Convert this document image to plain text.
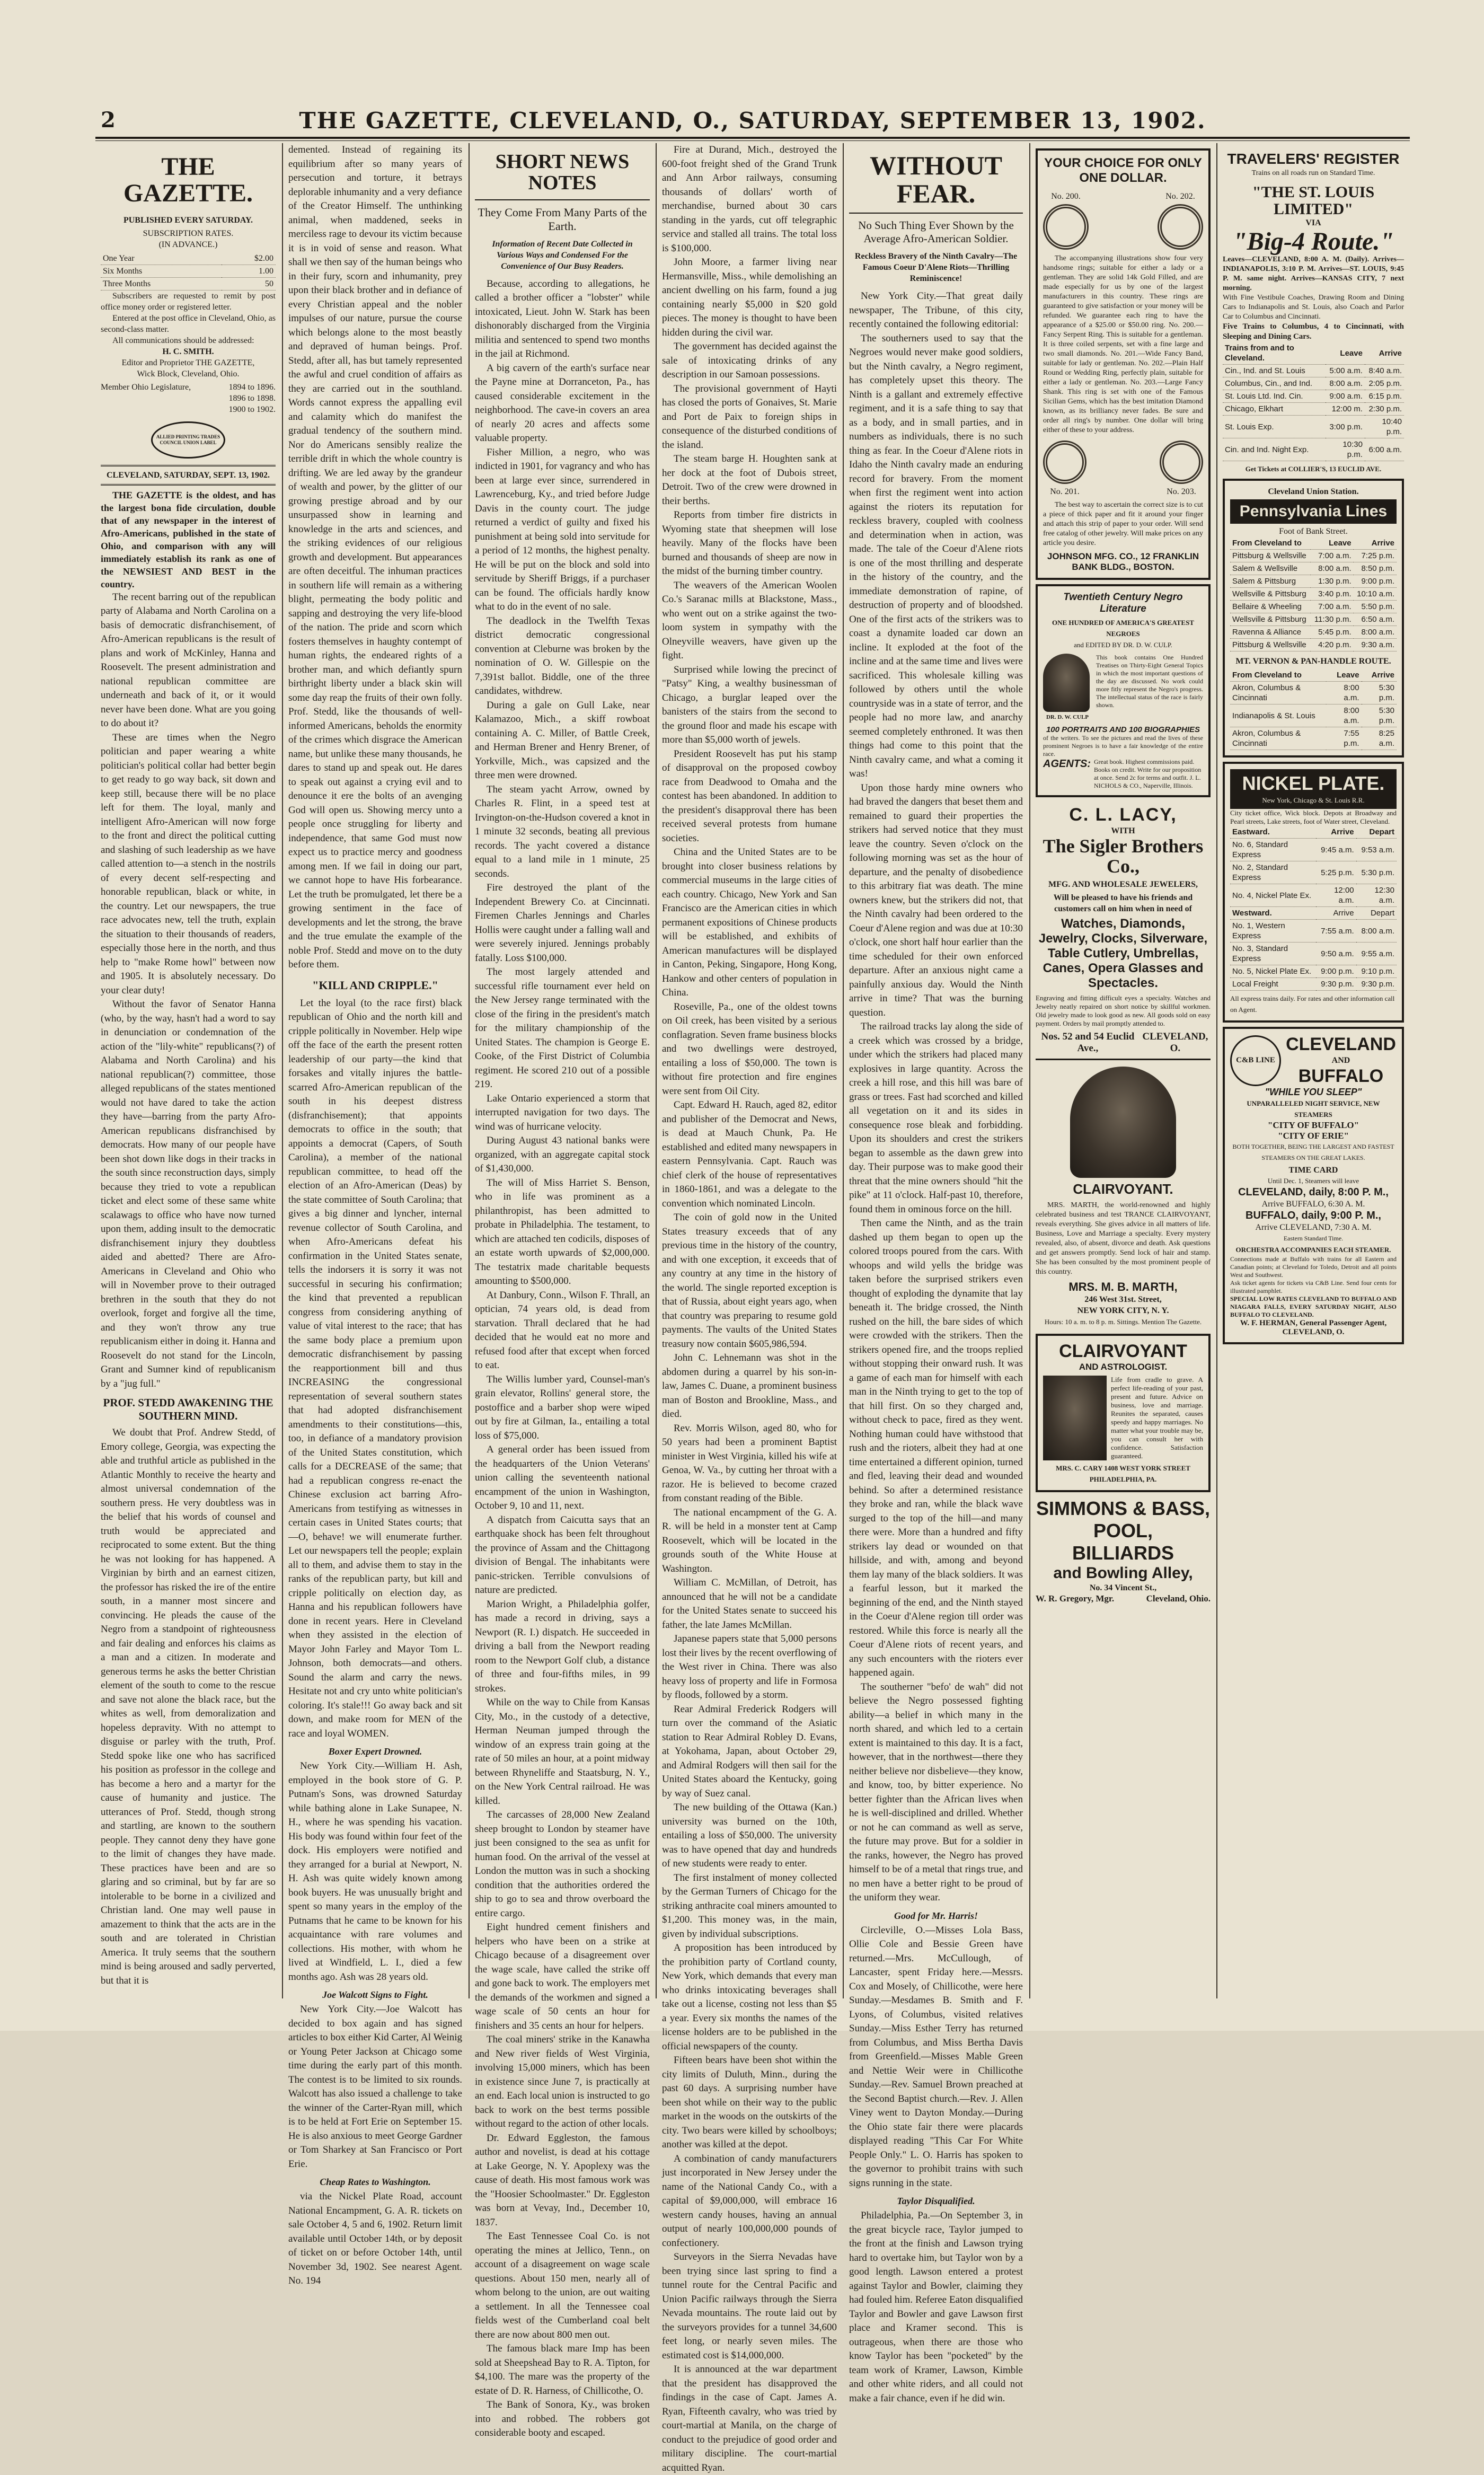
2	THE GAZETTE, CLEVELAND, O., SATURDAY, SEPTEMBER 13, 1902.
THE GAZETTE.
PUBLISHED EVERY SATURDAY.
SUBSCRIPTION RATES.
(IN ADVANCE.)
One Year	$2.00
Six Months	1.00
Three Months	50

Subscribers are requested to remit by post office money order or registered letter.

Entered at the post office in Cleveland, Ohio, as second-class matter.

All communications should be addressed:

H. C. SMITH.
Editor and Proprietor THE GAZETTE,
Wick Block, Cleveland, Ohio.
Member Ohio Legislature,	1894 to 1896.
1896 to 1898.
1900 to 1902.
ALLIED PRINTING TRADES COUNCIL UNION LABEL
CLEVELAND, SATURDAY, SEPT. 13, 1902.

THE GAZETTE is the oldest, and has the largest bona fide circulation, double that of any newspaper in the interest of Afro-Americans, published in the state of Ohio, and comparison with any will immediately establish its rank as one of the NEWSIEST AND BEST in the country.

The recent barring out of the republican party of Alabama and North Carolina on a basis of democratic disfranchisement, of Afro-American republicans is the result of plans and work of McKinley, Hanna and Roosevelt. The present administration and national republican committee are underneath and back of it, or it would never have been done. What are you going to do about it?

These are times when the Negro politician and paper wearing a white politician's political collar had better begin to get ready to go way back, sit down and keep still, because there will be no place left for them. The loyal, manly and intelligent Afro-American will now forge to the front and direct the political cutting and slashing of such leadership as we have called attention to—a stench in the nostrils of every decent self-respecting and honorable republican, black or white, in the country. Let our newspapers, the true race advocates new, tell the truth, explain the situation to their thousands of readers, especially those here in the north, and thus help to "make Rome howl" between now and 1905. It is absolutely necessary. Do your clear duty!

Without the favor of Senator Hanna (who, by the way, hasn't had a word to say in denunciation or condemnation of the action of the "lily-white" republicans(?) of Alabama and North Carolina) and his national republican(?) committee, those alleged republicans of the states mentioned would not have dared to take the action they have—barring from the party Afro-American republicans disfranchised by democrats. How many of our people have been shot down like dogs in their tracks in the south since reconstruction days, simply because they tried to vote a republican ticket and elect some of these same white scalawags to office who have now turned upon them, adding insult to the democratic disfranchisement injury they doubtless aided and abetted? There are Afro-Americans in Cleveland and Ohio who will in November prove to their outraged brethren in the south that they do not overlook, forget and forgive all the time, and they won't throw any true republicanism either in doing it. Hanna and Roosevelt do not stand for the Lincoln, Grant and Sumner kind of republicanism by a "jug full."

PROF. STEDD AWAKENING THE SOUTHERN MIND.

We doubt that Prof. Andrew Stedd, of Emory college, Georgia, was expecting the able and truthful article as published in the Atlantic Monthly to receive the hearty and almost universal condemnation of the southern press. He very doubtless was in the belief that his words of counsel and truth would be appreciated and reciprocated to some extent. But the thing he was not looking for has happened. A Virginian by birth and an earnest citizen, the professor has risked the ire of the entire south, in a manner most sincere and convincing. He pleads the cause of the Negro from a standpoint of righteousness and fair dealing and enforces his claims as a man and a citizen. In moderate and generous terms he asks the better Christian element of the south to come to the rescue and save not alone the black race, but the whites as well, from demoralization and hopeless depravity. With no attempt to disguise or parley with the truth, Prof. Stedd spoke like one who has sacrificed his position as professor in the college and has become a hero and a martyr for the cause of humanity and justice. The utterances of Prof. Stedd, though strong and startling, are known to the southern people. They cannot deny they have gone to the limit of changes they have made. These practices have been and are so glaring and so criminal, but by far are so intolerable to be borne in a civilized and Christian land. One may well pause in amazement to think that the acts are in the south and are tolerated in Christian America. It truly seems that the southern mind is being aroused and sadly perverted, but that it is

demented. Instead of regaining its equilibrium after so many years of persecution and torture, it betrays deplorable inhumanity and a very defiance of the Creator Himself. The unthinking animal, when maddened, seeks in merciless rage to devour its victim because it is in void of sense and reason. What shall we then say of the human beings who in their fury, scorn and inhumanity, prey upon their black brother and in defiance of every Christian appeal and the nobler impulses of our nature, pursue the course which belongs alone to the most beastly and depraved of human beings. Prof. Stedd, after all, has but tamely represented the awful and cruel condition of affairs as they are carried out in the southland. Words cannot express the appalling evil and calamity which do manifest the gradual tendency of the southern mind. Nor do Americans sensibly realize the terrible drift in which the whole country is drifting. We are led away by the grandeur of wealth and power, by the glitter of our growing prestige abroad and by our unsurpassed show in learning and knowledge in the arts and sciences, and the striking evidences of our religious growth and development. But appearances are often deceitful. The inhuman practices in southern life will remain as a withering blight, permeating the body politic and sapping and destroying the very life-blood of the nation. The pride and scorn which fosters themselves in haughty contempt of human rights, the endeared rights of a brother man, and which defiantly spurn birthright liberty under a black skin will some day reap the fruits of their own folly. Prof. Stedd, like the thousands of well-informed Americans, beholds the enormity of the crimes which disgrace the American name, but unlike these many thousands, he dares to stand up and speak out. He dares to speak out against a crying evil and to denounce it ere the bolts of an avenging God will open us. Showing mercy unto a people once struggling for liberty and independence, that same God must now expect us to practice mercy and goodness among men. If we fail in doing our part, we cannot hope to have His forbearance. Let the truth be promulgated, let there be a growing sentiment in the face of developments and let the strong, the brave and the true emulate the example of the noble Prof. Stedd and move on to the duty before them.

"KILL AND CRIPPLE."

Let the loyal (to the race first) black republican of Ohio and the north kill and cripple politically in November. Help wipe off the face of the earth the present rotten leadership of our party—the kind that forsakes and vitally injures the battle-scarred Afro-American republican of the south in his deepest distress (disfranchisement); that appoints democrats to office in the south; that appoints a democrat (Capers, of South Carolina), a member of the national republican committee, to head off the election of an Afro-American (Deas) by the state committee of South Carolina; that gives a big dinner and lyncher, internal revenue collector of South Carolina, and when Afro-Americans defeat his confirmation in the United States senate, tells the indorsers it is sorry it was not successful in securing his confirmation; the kind that prevented a republican congress from considering anything of value of vital interest to the race; that has the same body place a premium upon democratic disfranchisement by passing the reapportionment bill and thus INCREASING the congressional representation of several southern states that had adopted disfranchisement amendments to their constitutions—this, too, in defiance of a mandatory provision of the United States constitution, which calls for a DECREASE of the same; that had a republican congress re-enact the Chinese exclusion act barring Afro-Americans from testifying as witnesses in certain cases in United States courts; that—O, behave! we will enumerate further. Let our newspapers tell the people; explain all to them, and advise them to stay in the ranks of the republican party, but kill and cripple politically on election day, as Hanna and his republican followers have done in recent years. Here in Cleveland when they assisted in the election of Mayor John Farley and Mayor Tom L. Johnson, both democrats—and others. Sound the alarm and carry the news. Hesitate not and cry unto white politician's coloring. It's stale!!! Go away back and sit down, and make room for MEN of the race and loyal WOMEN.

Boxer Expert Drowned.

New York City.—William H. Ash, employed in the book store of G. P. Putnam's Sons, was drowned Saturday while bathing alone in Lake Sunapee, N. H., where he was spending his vacation. His body was found within four feet of the dock. His employers were notified and they arranged for a burial at Newport, N. H. Ash was quite widely known among book buyers. He was unusually bright and spent so many years in the employ of the Putnams that he came to be known for his acquaintance with rare volumes and collections. His mother, with whom he lived at Windfield, L. I., died a few months ago. Ash was 28 years old.

Joe Walcott Signs to Fight.

New York City.—Joe Walcott has decided to box again and has signed articles to box either Kid Carter, Al Weinig or Young Peter Jackson at Chicago some time during the early part of this month. The contest is to be limited to six rounds. Walcott has also issued a challenge to take the winner of the Carter-Ryan mill, which is to be held at Fort Erie on September 15. He is also anxious to meet George Gardner or Tom Sharkey at San Francisco or Port Erie.

Cheap Rates to Washington.

via the Nickel Plate Road, account National Encampment, G. A. R. tickets on sale October 4, 5 and 6, 1902. Return limit available until October 14th, or by deposit of ticket on or before October 14th, until November 3d, 1902. See nearest Agent. No. 194

SHORT NEWS NOTES
They Come From Many Parts of the Earth.
Information of Recent Date Collected in Various Ways and Condensed For the Convenience of Our Busy Readers.

Because, according to allegations, he called a brother officer a "lobster" while intoxicated, Lieut. John W. Stark has been dishonorably discharged from the Virginia militia and sentenced to spend two months in the jail at Richmond.

A big cavern of the earth's surface near the Payne mine at Dorranceton, Pa., has caused considerable excitement in the neighborhood. The cave-in covers an area of nearly 20 acres and affects some valuable property.

Fisher Million, a negro, who was indicted in 1901, for vagrancy and who has been at large ever since, surrendered in Lawrenceburg, Ky., and tried before Judge Davis in the county court. The judge returned a verdict of guilty and fixed his punishment at being sold into servitude for a period of 12 months, the highest penalty. He will be put on the block and sold into servitude by Sheriff Briggs, if a purchaser can be found. The officials hardly know what to do in the event of no sale.

The deadlock in the Twelfth Texas district democratic congressional convention at Cleburne was broken by the nomination of O. W. Gillespie on the 7,391st ballot. Biddle, one of the three candidates, withdrew.

During a gale on Gull Lake, near Kalamazoo, Mich., a skiff rowboat containing A. C. Miller, of Battle Creek, and Herman Brener and Henry Brener, of Yorkville, Mich., was capsized and the three men were drowned.

The steam yacht Arrow, owned by Charles R. Flint, in a speed test at Irvington-on-the-Hudson covered a knot in 1 minute 32 seconds, beating all previous records. The yacht covered a distance equal to a land mile in 1 minute, 25 seconds.

Fire destroyed the plant of the Independent Brewery Co. at Cincinnati. Firemen Charles Jennings and Charles Hollis were caught under a falling wall and were severely injured. Jennings probably fatally. Loss $100,000.

The most largely attended and successful rifle tournament ever held on the New Jersey range terminated with the close of the firing in the president's match for the military championship of the United States. The champion is George E. Cooke, of the First District of Columbia regiment. He scored 210 out of a possible 219.

Lake Ontario experienced a storm that interrupted navigation for two days. The wind was of hurricane velocity.

During August 43 national banks were organized, with an aggregate capital stock of $1,430,000.

The will of Miss Harriet S. Benson, who in life was prominent as a philanthropist, has been admitted to probate in Philadelphia. The testament, to which are attached ten codicils, disposes of an estate worth upwards of $2,000,000. The testatrix made charitable bequests amounting to $500,000.

At Danbury, Conn., Wilson F. Thrall, an optician, 74 years old, is dead from starvation. Thrall declared that he had decided that he would eat no more and refused food after that except when forced to eat.

The Willis lumber yard, Counsel-man's grain elevator, Rollins' general store, the postoffice and a barber shop were wiped out by fire at Gilman, Ia., entailing a total loss of $75,000.

A general order has been issued from the headquarters of the Union Veterans' union calling the seventeenth national encampment of the union in Washington, October 9, 10 and 11, next.

A dispatch from Caicutta says that an earthquake shock has been felt throughout the province of Assam and the Chittagong division of Bengal. The inhabitants were panic-stricken. Terrible convulsions of nature are predicted.

Marion Wright, a Philadelphia golfer, has made a record in driving, says a Newport (R. I.) dispatch. He succeeded in driving a ball from the Newport reading room to the Newport Golf club, a distance of three and four-fifths miles, in 99 strokes.

While on the way to Chile from Kansas City, Mo., in the custody of a detective, Herman Neuman jumped through the window of an express train going at the rate of 50 miles an hour, at a point midway between Rhyneliffe and Staatsburg, N. Y., on the New York Central railroad. He was killed.

The carcasses of 28,000 New Zealand sheep brought to London by steamer have just been consigned to the sea as unfit for human food. On the arrival of the vessel at London the mutton was in such a shocking condition that the authorities ordered the ship to go to sea and throw overboard the entire cargo.

Eight hundred cement finishers and helpers who have been on a strike at Chicago because of a disagreement over the wage scale, have called the strike off and gone back to work. The employers met the demands of the workmen and signed a wage scale of 50 cents an hour for finishers and 35 cents an hour for helpers.

The coal miners' strike in the Kanawha and New river fields of West Virginia, involving 15,000 miners, which has been in existence since June 7, is practically at an end. Each local union is instructed to go back to work on the best terms possible without regard to the action of other locals.

Dr. Edward Eggleston, the famous author and novelist, is dead at his cottage at Lake George, N. Y. Apoplexy was the cause of death. His most famous work was the "Hoosier Schoolmaster." Dr. Eggleston was born at Vevay, Ind., December 10, 1837.

The East Tennessee Coal Co. is not operating the mines at Jellico, Tenn., on account of a disagreement on wage scale questions. About 150 men, nearly all of whom belong to the union, are out waiting a settlement. In all the Tennessee coal fields west of the Cumberland coal belt there are now about 800 men out.

The famous black mare Imp has been sold at Sheepshead Bay to R. A. Tipton, for $4,100. The mare was the property of the estate of D. R. Harness, of Chillicothe, O.

The Bank of Sonora, Ky., was broken into and robbed. The robbers got considerable booty and escaped.

Fire at Durand, Mich., destroyed the 600-foot freight shed of the Grand Trunk and Ann Arbor railways, consuming thousands of dollars' worth of merchandise, burned about 30 cars standing in the yards, cut off telegraphic service and stalled all trains. The total loss is $100,000.

John Moore, a farmer living near Hermansville, Miss., while demolishing an ancient dwelling on his farm, found a jug containing nearly $5,000 in $20 gold pieces. The money is thought to have been hidden during the civil war.

The government has decided against the sale of intoxicating drinks of any description in our Samoan possessions.

The provisional government of Hayti has closed the ports of Gonaives, St. Marie and Port de Paix to foreign ships in consequence of the disturbed conditions of the island.

The steam barge H. Houghten sank at her dock at the foot of Dubois street, Detroit. Two of the crew were drowned in their berths.

Reports from timber fire districts in Wyoming state that sheepmen will lose heavily. Many of the flocks have been burned and thousands of sheep are now in the midst of the burning timber country.

The weavers of the American Woolen Co.'s Saranac mills at Blackstone, Mass., who went out on a strike against the two-loom system in sympathy with the Olneyville weavers, have given up the fight.

Surprised while lowing the precinct of "Patsy" King, a wealthy businessman of Chicago, a burglar leaped over the banisters of the stairs from the second to the ground floor and made his escape with more than $5,000 worth of jewels.

President Roosevelt has put his stamp of disapproval on the proposed cowboy race from Deadwood to Omaha and the contest has been abandoned. In addition to the president's disapproval there has been received several protests from humane societies.

China and the United States are to be brought into closer business relations by commercial museums in the large cities of each country. Chicago, New York and San Francisco are the American cities in which permanent expositions of Chinese products will be established, and exhibits of American manufactures will be displayed in Canton, Peking, Singapore, Hong Kong, Hankow and other centers of population in China.

Roseville, Pa., one of the oldest towns on Oil creek, has been visited by a serious conflagration. Seven frame business blocks and two dwellings were destroyed, entailing a loss of $50,000. The town is without fire protection and fire engines were sent from Oil City.

Capt. Edward H. Rauch, aged 82, editor and publisher of the Democrat and News, is dead at Mauch Chunk, Pa. He established and edited many newspapers in eastern Pennsylvania. Capt. Rauch was chief clerk of the house of representatives in 1860-1861, and was a delegate to the convention which nominated Lincoln.

The coin of gold now in the United States treasury exceeds that of any previous time in the history of the country, and with one exception, it exceeds that of any country at any time in the history of the world. The single reported exception is that of Russia, about eight years ago, when that country was preparing to resume gold payments. The vaults of the United States treasury now contain $605,986,594.

John C. Lehnemann was shot in the abdomen during a quarrel by his son-in-law, James C. Duane, a prominent business man of Boston and Brookline, Mass., and died.

Rev. Morris Wilson, aged 80, who for 50 years had been a prominent Baptist minister in West Virginia, killed his wife at Genoa, W. Va., by cutting her throat with a razor. He is believed to become crazed from constant reading of the Bible.

The national encampment of the G. A. R. will be held in a monster tent at Camp Roosevelt, which will be located in the grounds south of the White House at Washington.

William C. McMillan, of Detroit, has announced that he will not be a candidate for the United States senate to succeed his father, the late James McMillan.

Japanese papers state that 5,000 persons lost their lives by the recent overflowing of the West river in China. There was also heavy loss of property and life in Formosa by floods, followed by a storm.

Rear Admiral Frederick Rodgers will turn over the command of the Asiatic station to Rear Admiral Robley D. Evans, at Yokohama, Japan, about October 29, and Admiral Rodgers will then sail for the United States aboard the Kentucky, going by way of Suez canal.

The new building of the Ottawa (Kan.) university was burned on the 10th, entailing a loss of $50,000. The university was to have opened that day and hundreds of new students were ready to enter.

The first instalment of money collected by the German Turners of Chicago for the striking anthracite coal miners amounted to $1,200. This money was, in the main, given by individual subscriptions.

A proposition has been introduced by the prohibition party of Cortland county, New York, which demands that every man who drinks intoxicating beverages shall take out a license, costing not less than $5 a year. Every six months the names of the license holders are to be published in the official newspapers of the county.

Fifteen bears have been shot within the city limits of Duluth, Minn., during the past 60 days. A surprising number have been shot while on their way to the public market in the woods on the outskirts of the city. Two bears were killed by schoolboys; another was killed at the depot.

A combination of candy manufacturers just incorporated in New Jersey under the name of the National Candy Co., with a capital of $9,000,000, will embrace 16 western candy houses, having an annual output of nearly 100,000,000 pounds of confectionery.

Surveyors in the Sierra Nevadas have been trying since last spring to find a tunnel route for the Central Pacific and Union Pacific railways through the Sierra Nevada mountains. The route laid out by the surveyors provides for a tunnel 34,600 feet long, or nearly seven miles. The estimated cost is $14,000,000.

It is announced at the war department that the president has disapproved the findings in the case of Capt. James A. Ryan, Fifteenth cavalry, who was tried by court-martial at Manila, on the charge of conduct to the prejudice of good order and military discipline. The court-martial acquitted Ryan.

WITHOUT FEAR.
No Such Thing Ever Shown by the Average Afro-American Soldier.
Reckless Bravery of the Ninth Cavalry—The Famous Coeur D'Alene Riots—Thrilling Reminiscence!

New York City.—That great daily newspaper, The Tribune, of this city, recently contained the following editorial:

The southerners used to say that the Negroes would never make good soldiers, but the Ninth cavalry, a Negro regiment, has completely upset this theory. The Ninth is a gallant and extremely effective regiment, and it is a safe thing to say that as a body, and in small parties, and in numbers as individuals, there is no such thing as fear. In the Coeur d'Alene riots in Idaho the Ninth cavalry made an enduring record for bravery. From the moment when first the regiment went into action against the rioters its reputation for reckless bravery, coupled with coolness and determination when in action, was made. The tale of the Coeur d'Alene riots is one of the most thrilling and desperate in the history of the country, and the immediate demonstration of rapine, of destruction of property and of bloodshed. One of the first acts of the strikers was to coast a dynamite loaded car down an incline. It exploded at the foot of the incline and at the same time and lives were sacrificed. This wholesale killing was followed by others until the whole countryside was in a state of terror, and the people had no more law, and anarchy seemed completely enthroned. It was then things had come to this point that the Ninth cavalry came, and what a coming it was!

Upon those hardy mine owners who had braved the dangers that beset them and remained to guard their properties the strikers had served notice that they must leave the country. Seven o'clock on the following morning was set as the hour of departure, and the penalty of disobedience to this arbitrary fiat was death. The mine owners knew, but the strikers did not, that the Ninth cavalry had been ordered to the Coeur d'Alene region and was due at 10:30 o'clock, one short half hour earlier than the time scheduled for their own enforced departure. After an anxious night came a painfully anxious day. Would the Ninth arrive in time? That was the burning question.

The railroad tracks lay along the side of a creek which was crossed by a bridge, under which the strikers had placed many explosives in large quantity. Across the creek a hill rose, and this hill was bare of grass or trees. Fast had scorched and killed all vegetation on it and its sides in consequence rose bleak and forbidding. Upon its shoulders and crest the strikers began to assemble as the dawn grew into day. Their purpose was to make good their threat that the mine owners should "hit the pike" at 11 o'clock. Half-past 10, therefore, found them in ominous force on the hill.

Then came the Ninth, and as the train dashed up them began to open up the colored troops poured from the cars. With whoops and wild yells the bridge was taken before the surprised strikers even thought of exploding the dynamite that lay beneath it. The bridge crossed, the Ninth rushed on the hill, the bare sides of which were crowded with the strikers. Then the strikers opened fire, and the troops replied without stopping their onward rush. It was a game of each man for himself with each man in the Ninth trying to get to the top of that hill first. On so they charged and, without check to pace, fired as they went. Nothing human could have withstood that rush and the rioters, albeit they had at one time entertained a different opinion, turned and fled, leaving their dead and wounded behind. So after a determined resistance they broke and ran, while the black wave surged to the top of the hill—and many there were. More than a hundred and fifty strikers lay dead or wounded on that hillside, and with, among and beyond them lay many of the black soldiers. It was a fearful lesson, but it marked the beginning of the end, and the Ninth stayed in the Coeur d'Alene region till order was restored. While this force is nearly all the Coeur d'Alene riots of recent years, and any such encounters with the rioters ever happened again.

The southerner "befo' de wah" did not believe the Negro possessed fighting ability—a belief in which many in the north shared, and which led to a certain extent is maintained to this day. It is a fact, however, that in the northwest—there they neither believe nor disbelieve—they know, and know, too, by bitter experience. No better fighter than the African lives when he is well-disciplined and drilled. Whether or not he can command as well as serve, the future may prove. But for a soldier in the ranks, however, the Negro has proved himself to be of a metal that rings true, and no men have a better right to be proud of the uniform they wear.

Good for Mr. Harris!

Circleville, O.—Misses Lola Bass, Ollie Cole and Bessie Green have returned.—Mrs. McCullough, of Lancaster, spent Friday here.—Messrs. Cox and Mosely, of Chillicothe, were here Sunday.—Mesdames B. Smith and F. Lyons, of Columbus, visited relatives Sunday.—Miss Esther Terry has returned from Columbus, and Miss Bertha Davis from Greenfield.—Misses Mable Green and Nettie Weir were in Chillicothe Sunday.—Rev. Samuel Brown preached at the Second Baptist church.—Rev. J. Allen Viney went to Dayton Monday.—During the Ohio state fair there were placards displayed reading "This Car For White People Only." L. O. Harris has spoken to the governor to prohibit trains with such signs running in the state.

Taylor Disqualified.

Philadelphia, Pa.—On September 3, in the great bicycle race, Taylor jumped to the front at the finish and Lawson trying hard to overtake him, but Taylor won by a good length. Lawson entered a protest against Taylor and Bowler, claiming they had fouled him. Referee Eaton disqualified Taylor and Bowler and gave Lawson first place and Kramer second. This is outrageous, when there are those who know Taylor has been "pocketed" by the team work of Kramer, Lawson, Kimble and other white riders, and all could not make a fair chance, even if he did win.

YOUR CHOICE FOR ONLY ONE DOLLAR.
No. 200.	No. 202.

The accompanying illustrations show four very handsome rings; suitable for either a lady or a gentleman. They are solid 14k Gold Filled, and are made especially for us by one of the largest manufacturers in this country. These rings are guaranteed to give satisfaction or your money will be refunded. We guarantee each ring to have the appearance of a $25.00 or $50.00 ring. No. 200.—Fancy Serpent Ring. This is suitable for a gentleman. It is three coiled serpents, set with a fine large and two small diamonds. No. 201.—Wide Fancy Band, suitable for lady or gentleman. No. 202.—Plain Half Round or Wedding Ring, perfectly plain, suitable for either a lady or gentleman. No. 203.—Large Fancy Shank. This ring is set with one of the Famous Sicilian Gems, which has the best imitation Diamond known, as its brilliancy never fades. Be sure and order all ring's by number. One dollar will bring either of these to your address.

No. 201.	No. 203.

The best way to ascertain the correct size is to cut a piece of thick paper and fit it around your finger and attach this strip of paper to your order. Will send free catalog of other jewelry. Will make prices on any article you desire.

JOHNSON MFG. CO., 12 FRANKLIN BANK BLDG., BOSTON.
Twentieth Century Negro Literature
ONE HUNDRED OF AMERICA'S GREATEST NEGROES
and EDITED BY DR. D. W. CULP.
DR. D. W. CULP

This book contains One Hundred Treatises on Thirty-Eight General Topics in which the most important questions of the day are discussed. No work could more fitly represent the Negro's progress. The intellectual status of the race is fairly shown.

100 PORTRAITS AND 100 BIOGRAPHIES

of the writers. To see the pictures and read the lives of these prominent Negroes is to have a fair knowledge of the entire race.

AGENTS: Great book. Highest commissions paid. Books on credit. Write for our proposition at once. Send 2c for terms and outfit. J. L. NICHOLS & CO., Naperville, Illinois.
C. L. LACY,
WITH
The Sigler Brothers Co.,
MFG. AND WHOLESALE JEWELERS,
Will be pleased to have his friends and customers call on him when in need of
Watches, Diamonds, Jewelry, Clocks, Silverware, Table Cutlery, Umbrellas, Canes, Opera Glasses and Spectacles.

Engraving and fitting difficult eyes a specialty. Watches and Jewelry neatly repaired on short notice by skillful workmen. Old jewelry made to look good as new. All goods sold on easy payment. Orders by mail promptly attended to.

Nos. 52 and 54 Euclid Ave.,
CLEVELAND, O.
CLAIRVOYANT.

MRS. MARTH, the world-renowned and highly celebrated business and test TRANCE CLAIRVOYANT, reveals everything. She gives advice in all matters of life. Business, Love and Marriage a specialty. Every mystery revealed, also, of absent, divorce and death. Ask questions and get answers promptly. Send lock of hair and stamp. She has been consulted by the most prominent people of this country.

MRS. M. B. MARTH,
246 West 31st. Street,
NEW YORK CITY, N. Y.
Hours: 10 a. m. to 8 p. m. Sittings. Mention The Gazette.
CLAIRVOYANT
AND ASTROLOGIST.

Life from cradle to grave. A perfect life-reading of your past, present and future. Advice on business, love and marriage. Reunites the separated, causes speedy and happy marriages. No matter what your trouble may be, you can consult her with confidence. Satisfaction guaranteed.

MRS. C. CARY 1408 WEST YORK STREET PHILADELPHIA, PA.
SIMMONS & BASS,
POOL,
BILLIARDS
and Bowling Alley,
No. 34 Vincent St.,
W. R. Gregory, Mgr.	Cleveland, Ohio.
TRAVELERS' REGISTER
Trains on all roads run on Standard Time.
"THE ST. LOUIS LIMITED"
VIA
"Big-4 Route."

Leaves—CLEVELAND, 8:00 A. M. (Daily). Arrives—INDIANAPOLIS, 3:10 P. M. Arrives—ST. LOUIS, 9:45 P. M. same night. Arrives—KANSAS CITY, 7 next morning.

With Fine Vestibule Coaches, Drawing Room and Dining Cars to Indianapolis and St. Louis, also Coach and Parlor Car to Columbus and Cincinnati.

Five Trains to Columbus, 4 to Cincinnati, with Sleeping and Dining Cars.

Trains from and to Cleveland.	Leave	Arrive
Cin., Ind. and St. Louis	5:00 a.m.	8:40 a.m.
Columbus, Cin., and Ind.	8:00 a.m.	2:05 p.m.
St. Louis Ltd. Ind. Cin.	9:00 a.m.	6:15 p.m.
Chicago, Elkhart	12:00 m.	2:30 p.m.
St. Louis Exp.	3:00 p.m.	10:40 p.m.
Cin. and Ind. Night Exp.	10:30 p.m.	6:00 a.m.
Get Tickets at COLLIER'S, 13 EUCLID AVE.
Cleveland Union Station.
Pennsylvania Lines
Foot of Bank Street.
From Cleveland to	Leave	Arrive
Pittsburg & Wellsville	7:00 a.m.	7:25 p.m.
Salem & Wellsville	8:00 a.m.	8:50 p.m.
Salem & Pittsburg	1:30 p.m.	9:00 p.m.
Wellsville & Pittsburg	3:40 p.m.	10:10 a.m.
Bellaire & Wheeling	7:00 a.m.	5:50 p.m.
Wellsville & Pittsburg	11:30 p.m.	6:50 a.m.
Ravenna & Alliance	5:45 p.m.	8:00 a.m.
Pittsburg & Wellsville	4:20 p.m.	9:30 a.m.
MT. VERNON & PAN-HANDLE ROUTE.
From Cleveland to	Leave	Arrive
Akron, Columbus & Cincinnati	8:00 a.m.	5:30 p.m.
Indianapolis & St. Louis	8:00 a.m.	5:30 p.m.
Akron, Columbus & Cincinnati	7:55 p.m.	8:25 a.m.
NICKEL PLATE.
New York, Chicago & St. Louis R.R.

City ticket office, Wick block. Depots at Broadway and Pearl streets, Lake streets, foot of Water street, Cleveland.

Eastward.	Arrive	Depart
No. 6, Standard Express	9:45 a.m.	9:53 a.m.
No. 2, Standard Express	5:25 p.m.	5:30 p.m.
No. 4, Nickel Plate Ex.	12:00 a.m.	12:30 a.m.
Westward.	Arrive	Depart
No. 1, Western Express	7:55 a.m.	8:00 a.m.
No. 3, Standard Express	9:50 a.m.	9:55 a.m.
No. 5, Nickel Plate Ex.	9:00 p.m.	9:10 p.m.
Local Freight	9:30 p.m.	9:30 p.m.
All express trains daily. For rates and other information call on Agent.
C&B LINE
CLEVELAND
AND
BUFFALO
"WHILE YOU SLEEP"
UNPARALLELED NIGHT SERVICE, NEW STEAMERS
"CITY OF BUFFALO"
"CITY OF ERIE"
BOTH TOGETHER, BEING THE LARGEST AND FASTEST STEAMERS ON THE GREAT LAKES.
TIME CARD
Until Dec. 1, Steamers will leave
CLEVELAND, daily, 8:00 P. M.,
Arrive BUFFALO, 6:30 A. M.
BUFFALO, daily, 9:00 P. M.,
Arrive CLEVELAND, 7:30 A. M.
Eastern Standard Time.
ORCHESTRA ACCOMPANIES EACH STEAMER.

Connections made at Buffalo with trains for all Eastern and Canadian points; at Cleveland for Toledo, Detroit and all points West and Southwest.

Ask ticket agents for tickets via C&B Line. Send four cents for illustrated pamphlet.

SPECIAL LOW RATES CLEVELAND TO BUFFALO AND NIAGARA FALLS, EVERY SATURDAY NIGHT, ALSO BUFFALO TO CLEVELAND.

W. F. HERMAN, General Passenger Agent,
CLEVELAND, O.
